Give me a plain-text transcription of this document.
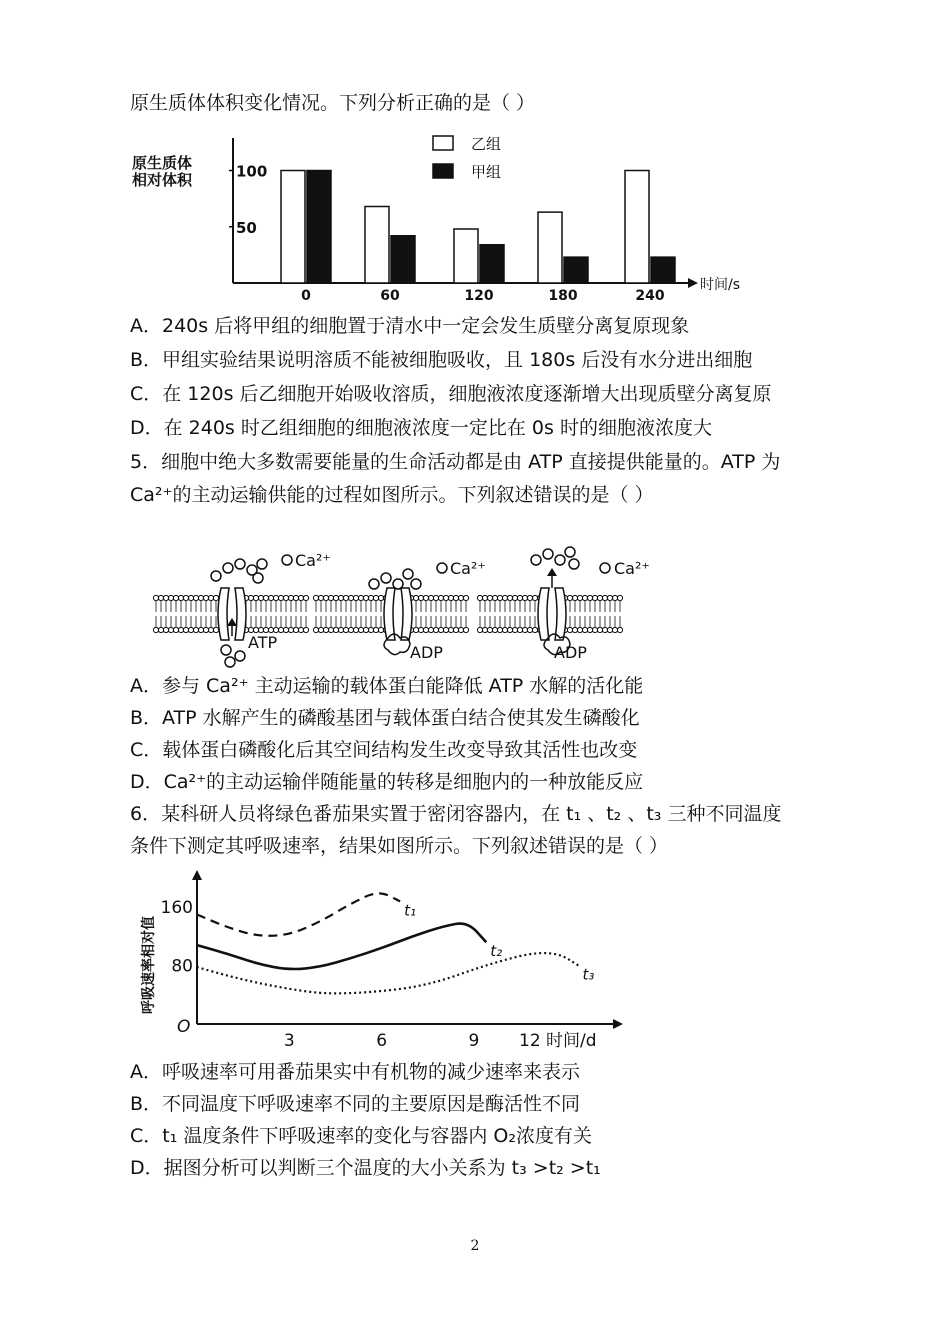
原生质体体积变化情况。下列分析正确的是（ ）
原生质体
相对体积	100
50
时间/s
0	60	120	180	240
乙组
甲组
A．240s 后将甲组的细胞置于清水中一定会发生质壁分离复原现象
B．甲组实验结果说明溶质不能被细胞吸收，且 180s 后没有水分进出细胞
C．在 120s 后乙细胞开始吸收溶质，细胞液浓度逐渐增大出现质壁分离复原
D．在 240s 时乙组细胞的细胞液浓度一定比在 0s 时的细胞液浓度大
5．细胞中绝大多数需要能量的生命活动都是由 ATP 直接提供能量的。ATP 为
Ca²⁺的主动运输供能的过程如图所示。下列叙述错误的是（ ）
Ca²⁺
ATP
Ca²⁺
ADP
Ca²⁺
ADP
A．参与 Ca²⁺ 主动运输的载体蛋白能降低 ATP 水解的活化能
B．ATP 水解产生的磷酸基团与载体蛋白结合使其发生磷酸化
C．载体蛋白磷酸化后其空间结构发生改变导致其活性也改变
D．Ca²⁺的主动运输伴随能量的转移是细胞内的一种放能反应
6．某科研人员将绿色番茄果实置于密闭容器内，在 t₁ 、t₂ 、t₃ 三种不同温度
条件下测定其呼吸速率，结果如图所示。下列叙述错误的是（ ）
呼吸速率相对值
O
160
80
3	6	9 12 时间/d
t₁
t₂
t₃
A．呼吸速率可用番茄果实中有机物的减少速率来表示
B．不同温度下呼吸速率不同的主要原因是酶活性不同
C．t₁ 温度条件下呼吸速率的变化与容器内 O₂浓度有关
D．据图分析可以判断三个温度的大小关系为 t₃ >t₂ >t₁
2
